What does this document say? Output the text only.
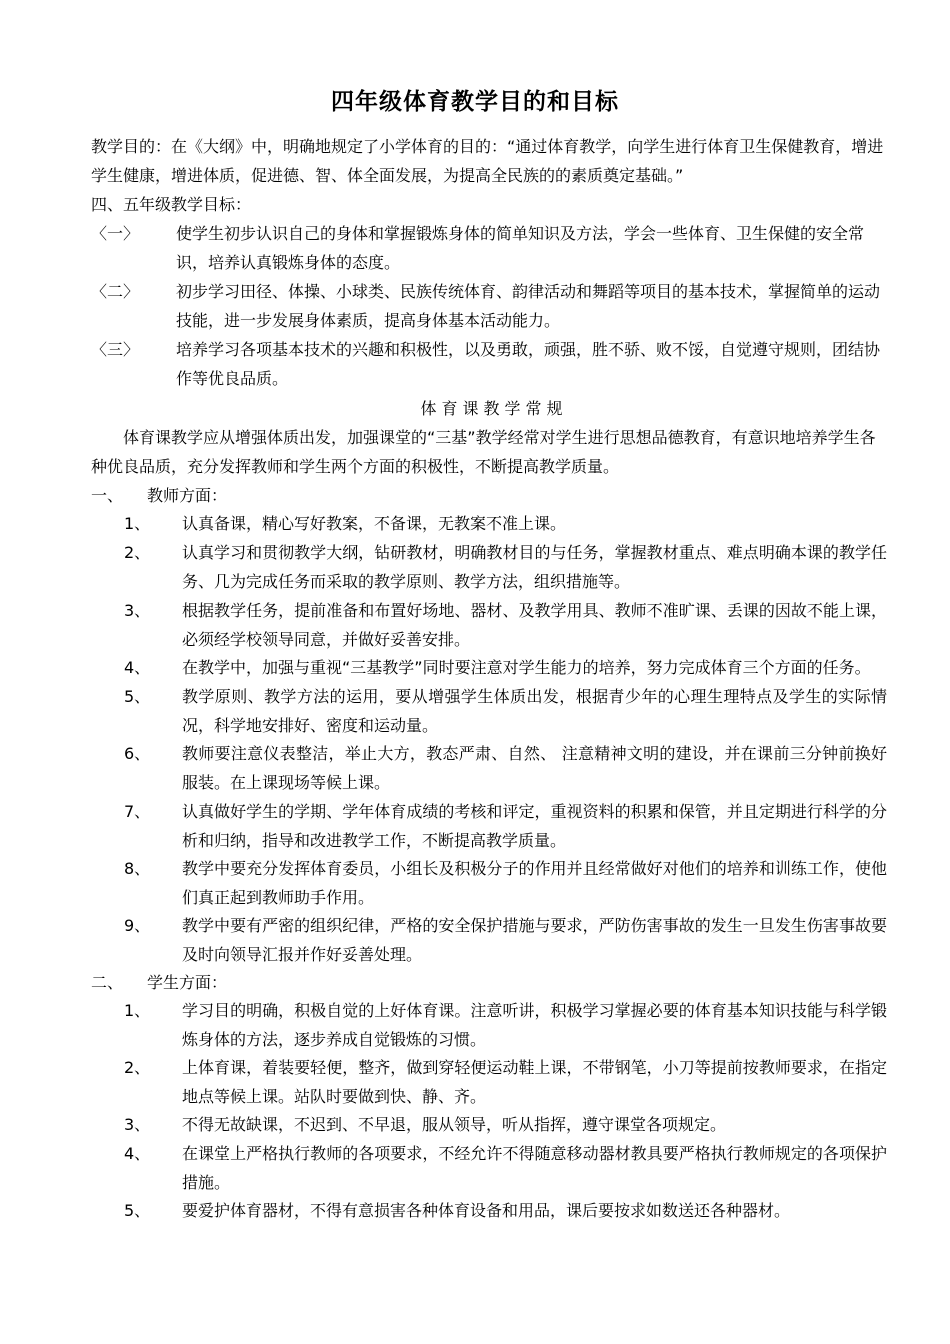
四年级体育教学目的和目标
教学目的：在《大纲》中，明确地规定了小学体育的目的：“通过体育教学，向学生进行体育卫生保健教育，增进学生健康，增进体质，促进德、智、体全面发展，为提高全民族的的素质奠定基础。”
四、五年级教学目标：
〈一〉 使学生初步认识自己的身体和掌握锻炼身体的简单知识及方法，学会一些体育、卫生保健的安全常识，培养认真锻炼身体的态度。
〈二〉 初步学习田径、体操、小球类、民族传统体育、韵律活动和舞蹈等项目的基本技术，掌握简单的运动技能，进一步发展身体素质，提高身体基本活动能力。
〈三〉 培养学习各项基本技术的兴趣和积极性，以及勇敢，顽强，胜不骄、败不馁，自觉遵守规则，团结协作等优良品质。
体育课教学常规
体育课教学应从增强体质出发，加强课堂的“三基”教学经常对学生进行思想品德教育，有意识地培养学生各种优良品质，充分发挥教师和学生两个方面的积极性，不断提高教学质量。
一、 教师方面：
1、 认真备课，精心写好教案，不备课，无教案不准上课。
2、 认真学习和贯彻教学大纲，钻研教材，明确教材目的与任务，掌握教材重点、难点明确本课的教学任务、几为完成任务而采取的教学原则、教学方法，组织措施等。
3、 根据教学任务，提前准备和布置好场地、器材、及教学用具、教师不准旷课、丢课的因故不能上课，必须经学校领导同意，并做好妥善安排。
4、 在教学中，加强与重视“三基教学”同时要注意对学生能力的培养，努力完成体育三个方面的任务。
5、 教学原则、教学方法的运用，要从增强学生体质出发，根据青少年的心理生理特点及学生的实际情况，科学地安排好、密度和运动量。
6、 教师要注意仪表整洁，举止大方，教态严肃、自然、 注意精神文明的建设，并在课前三分钟前换好服装。在上课现场等候上课。
7、 认真做好学生的学期、学年体育成绩的考核和评定，重视资料的积累和保管，并且定期进行科学的分析和归纳，指导和改进教学工作，不断提高教学质量。
8、 教学中要充分发挥体育委员，小组长及积极分子的作用并且经常做好对他们的培养和训练工作，使他们真正起到教师助手作用。
9、 教学中要有严密的组织纪律，严格的安全保护措施与要求，严防伤害事故的发生一旦发生伤害事故要及时向领导汇报并作好妥善处理。
二、 学生方面：
1、 学习目的明确，积极自觉的上好体育课。注意听讲，积极学习掌握必要的体育基本知识技能与科学锻炼身体的方法，逐步养成自觉锻炼的习惯。
2、 上体育课，着装要轻便，整齐，做到穿轻便运动鞋上课，不带钢笔，小刀等提前按教师要求，在指定地点等候上课。站队时要做到快、静、齐。
3、 不得无故缺课，不迟到、不早退，服从领导，听从指挥，遵守课堂各项规定。
4、 在课堂上严格执行教师的各项要求，不经允许不得随意移动器材教具要严格执行教师规定的各项保护措施。
5、 要爱护体育器材，不得有意损害各种体育设备和用品，课后要按求如数送还各种器材。
